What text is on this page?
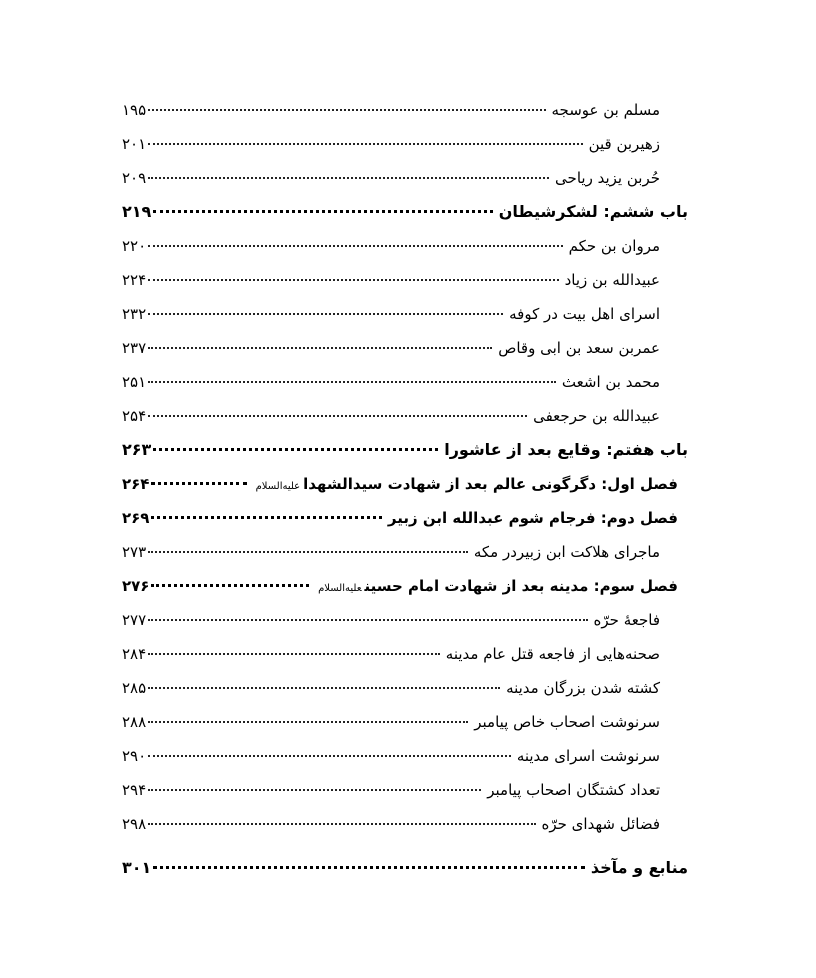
مسلم بن عوسجه
۱۹۵
زهیربن قین
۲۰۱
حُربن یزید ریاحی
۲۰۹
باب ششم: لشکرشیطان
۲۱۹
مروان بن حکم
۲۲۰
عبیدالله بن زیاد
۲۲۴
اسرای اهل بیت در کوفه
۲۳۲
عمربن سعد بن ابی وقاص
۲۳۷
محمد بن اشعث
۲۵۱
عبیدالله بن حرجعفی
۲۵۴
باب هفتم: وقایع بعد از عاشورا
۲۶۳
فصل اول: دگرگونی عالم بعد از شهادت سیدالشهداعلیه‌السلام
۲۶۴
فصل دوم: فرجام شوم عبدالله ابن زبیر
۲۶۹
ماجرای هلاکت ابن زبیردر مکه
۲۷۳
فصل سوم: مدینه بعد از شهادت امام حسینعلیه‌السلام
۲۷۶
فاجعهٔ حرّه
۲۷۷
صحنه‌هایی از فاجعه قتل عام مدینه
۲۸۴
کشته شدن بزرگان مدینه
۲۸۵
سرنوشت اصحاب خاص پیامبر
۲۸۸
سرنوشت اسرای مدینه
۲۹۰
تعداد کشتگان اصحاب پیامبر
۲۹۴
فضائل شهدای حرّه
۲۹۸
منابع و مآخذ
۳۰۱
